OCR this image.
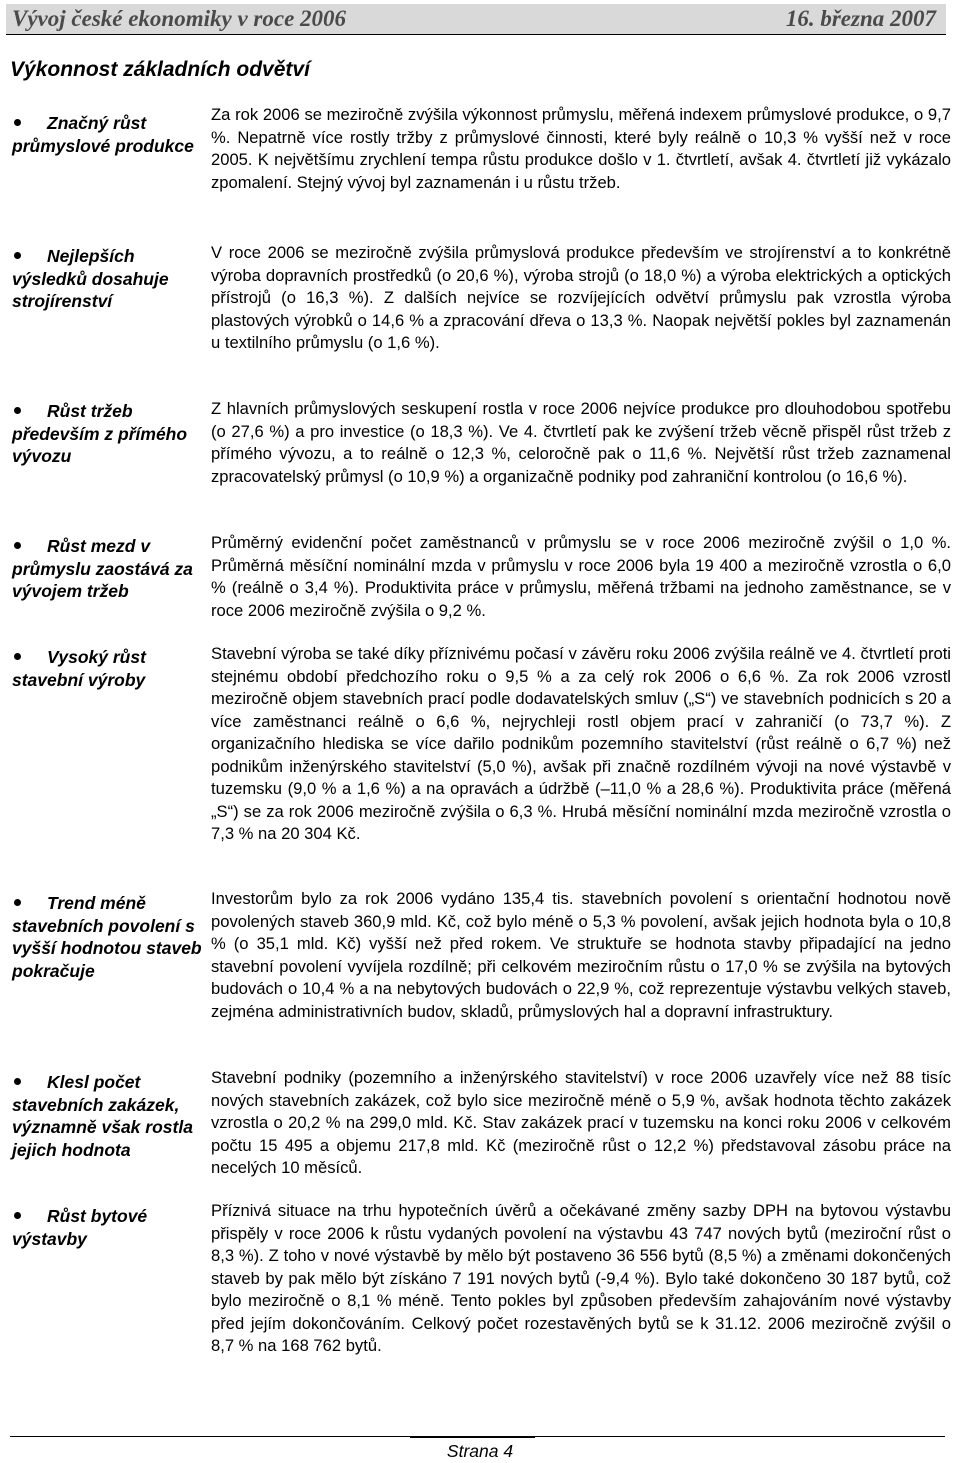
Vývoj české ekonomiky v roce 2006	16. března 2007
Výkonnost základních odvětví
Značný růst průmyslové produkce
Nejlepších výsledků dosahuje strojírenství
Růst tržeb především z přímého vývozu
Růst mezd v průmyslu zaostává za vývojem tržeb
Vysoký růst stavební výroby
Trend méně stavebních povolení s vyšší hodnotou staveb pokračuje
Klesl počet stavebních zakázek, významně však rostla jejich hodnota
Růst bytové výstavby
Za rok 2006 se meziročně zvýšila výkonnost průmyslu, měřená indexem průmyslové produkce, o 9,7 %. Nepatrně více rostly tržby z průmyslové činnosti, které byly reálně o 10,3 % vyšší než v roce 2005. K největšímu zrychlení tempa růstu produkce došlo v 1. čtvrtletí, avšak 4. čtvrtletí již vykázalo zpomalení. Stejný vývoj byl zaznamenán i u růstu tržeb.
V roce 2006 se meziročně zvýšila průmyslová produkce především ve strojírenství a to konkrétně výroba dopravních prostředků (o 20,6 %), výroba strojů (o 18,0 %) a výroba elektrických a optických přístrojů (o 16,3 %). Z dalších nejvíce se rozvíjejících odvětví průmyslu pak vzrostla výroba plastových výrobků o 14,6 % a zpracování dřeva o 13,3 %. Naopak největší pokles byl zaznamenán u textilního průmyslu (o 1,6 %).
Z hlavních průmyslových seskupení rostla v roce 2006 nejvíce produkce pro dlouhodobou spotřebu (o 27,6 %) a pro investice (o 18,3 %). Ve 4. čtvrtletí pak ke zvýšení tržeb věcně přispěl růst tržeb z přímého vývozu, a to reálně o 12,3 %, celoročně pak o 11,6 %. Největší růst tržeb zaznamenal zpracovatelský průmysl (o 10,9 %) a organizačně podniky pod zahraniční kontrolou (o 16,6 %).
Průměrný evidenční počet zaměstnanců v průmyslu se v roce 2006 meziročně zvýšil o 1,0 %. Průměrná měsíční nominální mzda v průmyslu v roce 2006 byla 19 400 a meziročně vzrostla o 6,0 % (reálně o 3,4 %). Produktivita práce v průmyslu, měřená tržbami na jednoho zaměstnance, se v roce 2006 meziročně zvýšila o 9,2 %.
Stavební výroba se také díky příznivému počasí v závěru roku 2006 zvýšila reálně ve 4. čtvrtletí proti stejnému období předchozího roku o 9,5 % a za celý rok 2006 o 6,6 %. Za rok 2006 vzrostl meziročně objem stavebních prací podle dodavatelských smluv („S“) ve stavebních podnicích s 20 a více zaměstnanci reálně o 6,6 %, nejrychleji rostl objem prací v zahraničí (o 73,7 %). Z organizačního hlediska se více dařilo podnikům pozemního stavitelství (růst reálně o 6,7 %) než podnikům inženýrského stavitelství (5,0 %), avšak při značně rozdílném vývoji na nové výstavbě v tuzemsku (9,0 % a 1,6 %) a na opravách a údržbě (–11,0 % a 28,6 %). Produktivita práce (měřená „S“) se za rok 2006 meziročně zvýšila o 6,3 %. Hrubá měsíční nominální mzda meziročně vzrostla o 7,3 % na 20 304 Kč.
Investorům bylo za rok 2006 vydáno 135,4 tis. stavebních povolení s orientační hodnotou nově povolených staveb 360,9 mld. Kč, což bylo méně o 5,3 % povolení, avšak jejich hodnota byla o 10,8 % (o 35,1 mld. Kč) vyšší než před rokem. Ve struktuře se hodnota stavby připadající na jedno stavební povolení vyvíjela rozdílně; při celkovém meziročním růstu o 17,0 % se zvýšila na bytových budovách o 10,4 % a na nebytových budovách o 22,9 %, což reprezentuje výstavbu velkých staveb, zejména administrativních budov, skladů, průmyslových hal a dopravní infrastruktury.
Stavební podniky (pozemního a inženýrského stavitelství) v roce 2006 uzavřely více než 88 tisíc nových stavebních zakázek, což bylo sice meziročně méně o 5,9 %, avšak hodnota těchto zakázek vzrostla o 20,2 % na 299,0 mld. Kč. Stav zakázek prací v tuzemsku na konci roku 2006 v celkovém počtu 15 495 a objemu 217,8 mld. Kč (meziročně růst o 12,2 %) představoval zásobu práce na necelých 10 měsíců.
Příznivá situace na trhu hypotečních úvěrů a očekávané změny sazby DPH na bytovou výstavbu přispěly v roce 2006 k růstu vydaných povolení na výstavbu 43 747 nových bytů (meziroční růst o 8,3 %). Z toho v nové výstavbě by mělo být postaveno 36 556 bytů (8,5 %) a změnami dokončených staveb by pak mělo být získáno 7 191 nových bytů (-9,4 %). Bylo také dokončeno 30 187 bytů, což bylo meziročně o 8,1 % méně. Tento pokles byl způsoben především zahajováním nové výstavby před jejím dokončováním. Celkový počet rozestavěných bytů se k 31.12. 2006 meziročně zvýšil o 8,7 % na 168 762 bytů.
Strana 4
